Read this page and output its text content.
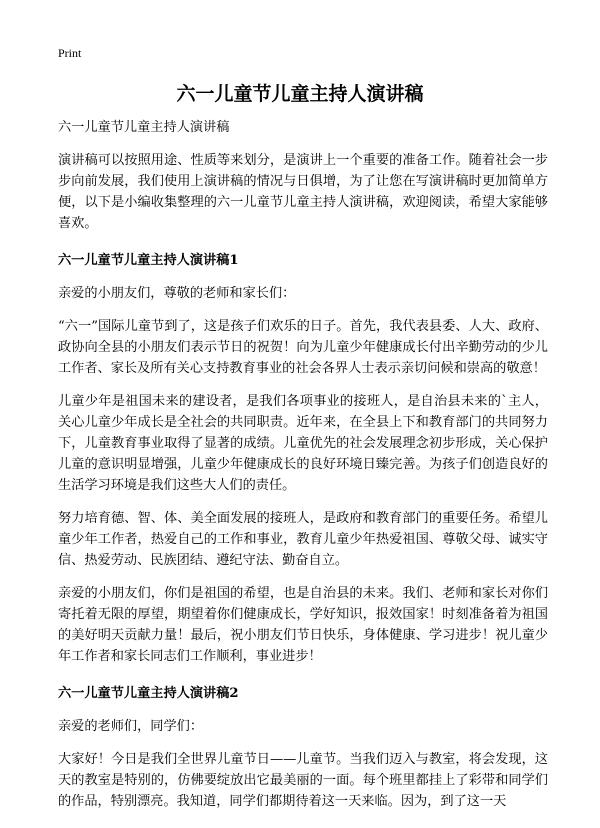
Print
六一儿童节儿童主持人演讲稿

六一儿童节儿童主持人演讲稿

演讲稿可以按照用途、性质等来划分，是演讲上一个重要的准备工作。随着社会一步步向前发展，我们使用上演讲稿的情况与日俱增，为了让您在写演讲稿时更加简单方便，以下是小编收集整理的六一儿童节儿童主持人演讲稿，欢迎阅读，希望大家能够喜欢。

六一儿童节儿童主持人演讲稿1

亲爱的小朋友们，尊敬的老师和家长们：

“六一”国际儿童节到了，这是孩子们欢乐的日子。首先，我代表县委、人大、政府、政协向全县的小朋友们表示节日的祝贺！向为儿童少年健康成长付出辛勤劳动的少儿工作者、家长及所有关心支持教育事业的社会各界人士表示亲切问候和崇高的敬意！

儿童少年是祖国未来的建设者，是我们各项事业的接班人，是自治县未来的`主人，关心儿童少年成长是全社会的共同职责。近年来，在全县上下和教育部门的共同努力下，儿童教育事业取得了显著的成绩。儿童优先的社会发展理念初步形成，关心保护儿童的意识明显增强，儿童少年健康成长的良好环境日臻完善。为孩子们创造良好的生活学习环境是我们这些大人们的责任。

努力培育德、智、体、美全面发展的接班人，是政府和教育部门的重要任务。希望儿童少年工作者，热爱自己的工作和事业，教育儿童少年热爱祖国、尊敬父母、诚实守信、热爱劳动、民族团结、遵纪守法、勤奋自立。

亲爱的小朋友们，你们是祖国的希望，也是自治县的未来。我们、老师和家长对你们寄托着无限的厚望，期望着你们健康成长，学好知识，报效国家！时刻准备着为祖国的美好明天贡献力量！最后，祝小朋友们节日快乐，身体健康、学习进步！祝儿童少年工作者和家长同志们工作顺利，事业进步！

六一儿童节儿童主持人演讲稿2

亲爱的老师们，同学们：

大家好！今日是我们全世界儿童节日——儿童节。当我们迈入与教室，将会发现，这天的教室是特别的，仿佛要绽放出它最美丽的一面。每个班里都挂上了彩带和同学们的作品，特别漂亮。我知道，同学们都期待着这一天来临。因为，到了这一天
